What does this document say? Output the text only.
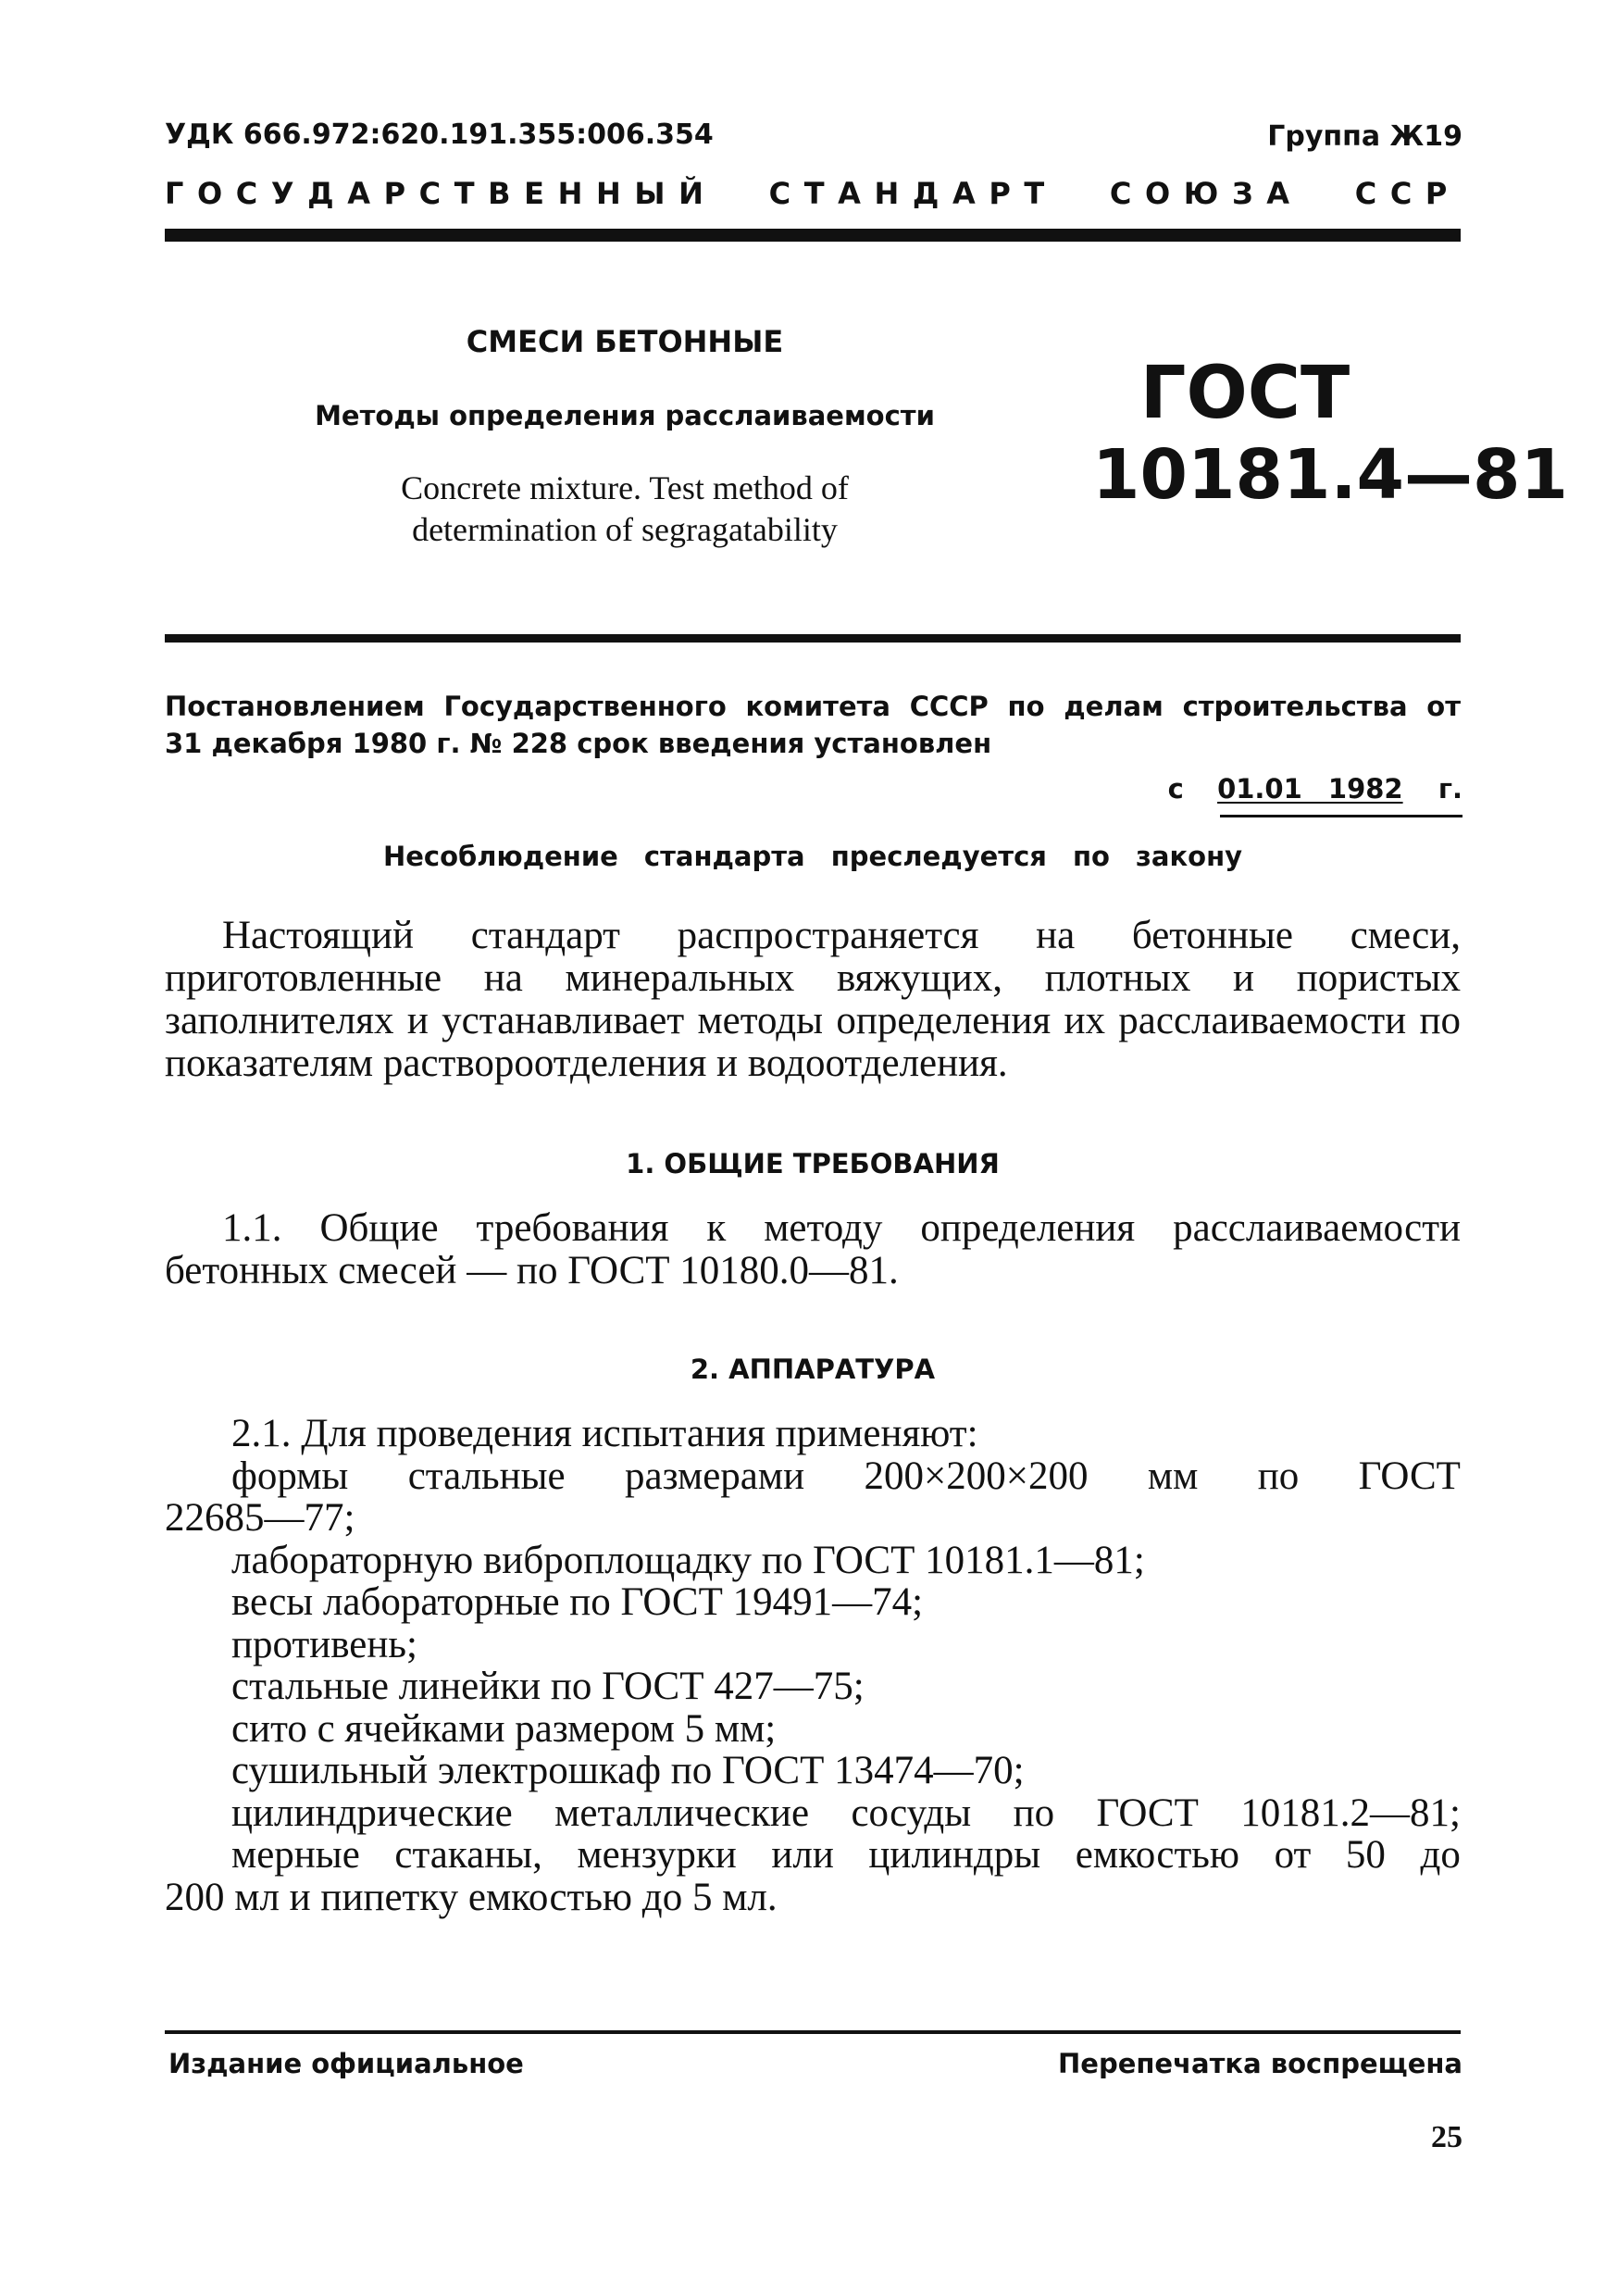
УДК 666.972:620.191.355:006.354	Группа Ж19
ГОСУДАРСТВЕННЫЙ СТАНДАРТ СОЮЗА ССР
СМЕСИ БЕТОННЫЕ
Методы определения расслаиваемости
Concrete mixture. Test method of determination of segragatability
ГОСТ
10181.4—81
Постановлением Государственного комитета СССР по делам строительства от
31 декабря 1980 г. № 228 срок введения установлен
с 01.01 1982 г.
Несоблюдение стандарта преследуется по закону
Настоящий стандарт распространяется на бетонные смеси, приготовленные на минеральных вяжущих, плотных и пористых заполнителях и устанавливает методы определения их расслаиваемости по показателям раствороотделения и водоотделения.
1. ОБЩИЕ ТРЕБОВАНИЯ
1.1. Общие требования к методу определения расслаиваемости бетонных смесей — по ГОСТ 10180.0—81.
2. АППАРАТУРА
2.1. Для проведения испытания применяют:
формы стальные размерами 200×200×200 мм по ГОСТ
22685—77;
лабораторную виброплощадку по ГОСТ 10181.1—81;
весы лабораторные по ГОСТ 19491—74;
противень;
стальные линейки по ГОСТ 427—75;
сито с ячейками размером 5 мм;
сушильный электрошкаф по ГОСТ 13474—70;
цилиндрические металлические сосуды по ГОСТ 10181.2—81;
мерные стаканы, мензурки или цилиндры емкостью от 50 до
200 мл и пипетку емкостью до 5 мл.
Издание официальное	Перепечатка воспрещена
25
